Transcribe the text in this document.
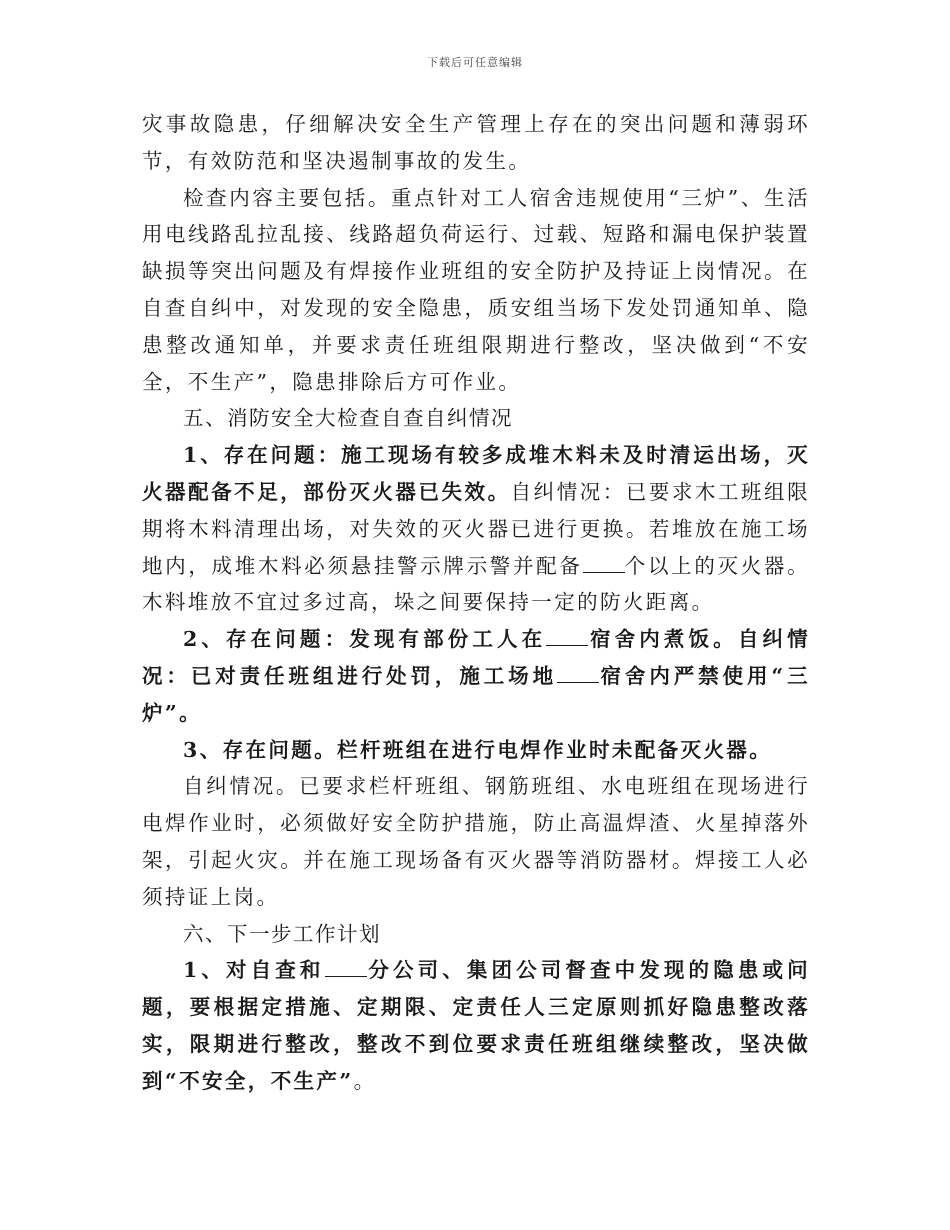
下载后可任意编辑

灾事故隐患，仔细解决安全生产管理上存在的突出问题和薄弱环节，有效防范和坚决遏制事故的发生。

检查内容主要包括。重点针对工人宿舍违规使用“三炉”、生活用电线路乱拉乱接、线路超负荷运行、过载、短路和漏电保护装置缺损等突出问题及有焊接作业班组的安全防护及持证上岗情况。在自查自纠中，对发现的安全隐患，质安组当场下发处罚通知单、隐患整改通知单，并要求责任班组限期进行整改，坚决做到“不安全，不生产”，隐患排除后方可作业。

五、消防安全大检查自查自纠情况

1、存在问题：施工现场有较多成堆木料未及时清运出场，灭火器配备不足，部份灭火器已失效。自纠情况：已要求木工班组限期将木料清理出场，对失效的灭火器已进行更换。若堆放在施工场地内，成堆木料必须悬挂警示牌示警并配备 个以上的灭火器。木料堆放不宜过多过高，垛之间要保持一定的防火距离。

2、存在问题：发现有部份工人在 宿舍内煮饭。自纠情况：已对责任班组进行处罚，施工场地 宿舍内严禁使用“三炉”。

3、存在问题。栏杆班组在进行电焊作业时未配备灭火器。

自纠情况。已要求栏杆班组、钢筋班组、水电班组在现场进行电焊作业时，必须做好安全防护措施，防止高温焊渣、火星掉落外架，引起火灾。并在施工现场备有灭火器等消防器材。焊接工人必须持证上岗。

六、下一步工作计划

1、对自查和 分公司、集团公司督查中发现的隐患或问题，要根据定措施、定期限、定责任人三定原则抓好隐患整改落实，限期进行整改，整改不到位要求责任班组继续整改，坚决做到“不安全，不生产”。
